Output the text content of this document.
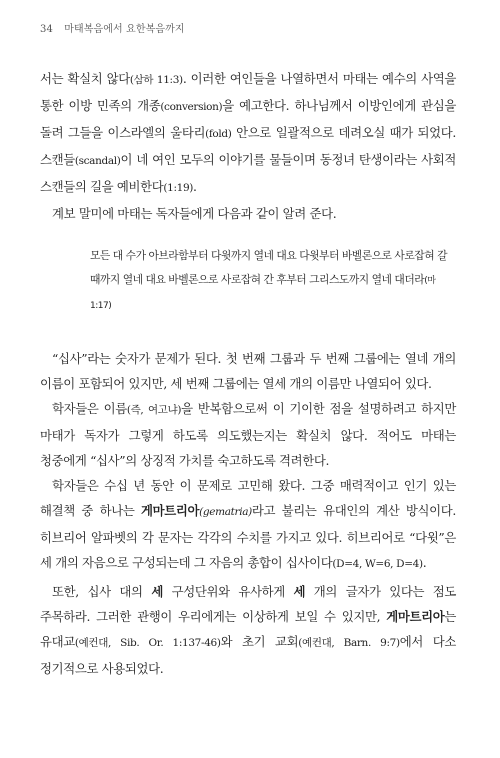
34 마태복음에서 요한복음까지

서는 확실치 않다(삼하 11:3). 이러한 여인들을 나열하면서 마태는 예수의 사역을 통한 이방 민족의 개종(conversion)을 예고한다. 하나님께서 이방인에게 관심을 돌려 그들을 이스라엘의 울타리(fold) 안으로 일괄적으로 데려오실 때가 되었다. 스캔들(scandal)이 네 여인 모두의 이야기를 물들이며 동정녀 탄생이라는 사회적 스캔들의 길을 예비한다(1:19).

계보 말미에 마태는 독자들에게 다음과 같이 알려 준다.

모든 대 수가 아브라함부터 다윗까지 열네 대요 다윗부터 바벨론으로 사로잡혀 갈 때까지 열네 대요 바벨론으로 사로잡혀 간 후부터 그리스도까지 열네 대더라(마 1:17)

“십사”라는 숫자가 문제가 된다. 첫 번째 그룹과 두 번째 그룹에는 열네 개의 이름이 포함되어 있지만, 세 번째 그룹에는 열세 개의 이름만 나열되어 있다.

학자들은 이름(즉, 여고냐)을 반복함으로써 이 기이한 점을 설명하려고 하지만 마태가 독자가 그렇게 하도록 의도했는지는 확실치 않다. 적어도 마태는 청중에게 “십사”의 상징적 가치를 숙고하도록 격려한다.

학자들은 수십 년 동안 이 문제로 고민해 왔다. 그중 매력적이고 인기 있는 해결책 중 하나는 게마트리아(gematria)라고 불리는 유대인의 계산 방식이다. 히브리어 알파벳의 각 문자는 각각의 수치를 가지고 있다. 히브리어로 “다윗”은 세 개의 자음으로 구성되는데 그 자음의 총합이 십사이다(D=4, W=6, D=4).

또한, 십사 대의 세 구성단위와 유사하게 세 개의 글자가 있다는 점도 주목하라. 그러한 관행이 우리에게는 이상하게 보일 수 있지만, 게마트리아는 유대교(예컨대, Sib. Or. 1:137-46)와 초기 교회(예컨대, Barn. 9:7)에서 다소 정기적으로 사용되었다.
